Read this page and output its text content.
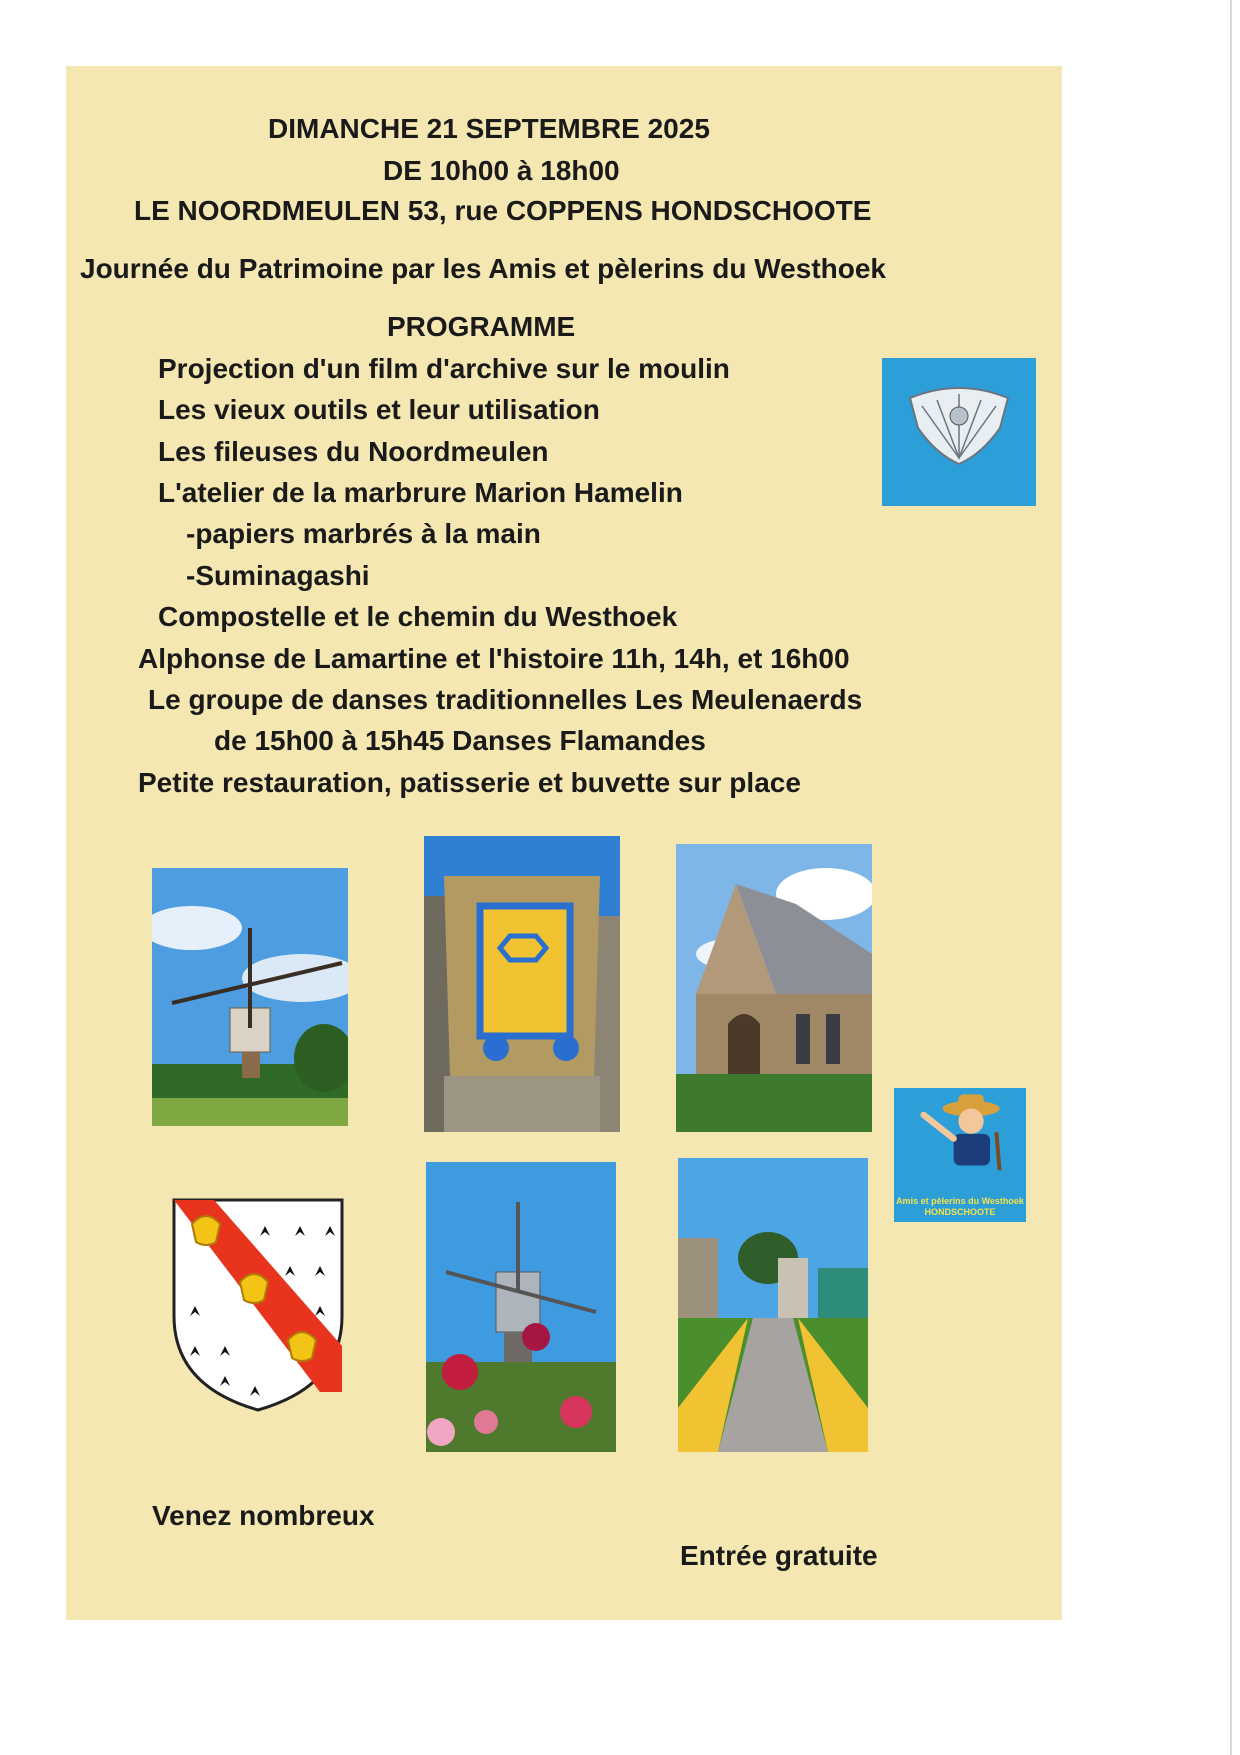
DIMANCHE 21 SEPTEMBRE 2025

DE 10h00 à 18h00

LE NOORDMEULEN 53, rue COPPENS HONDSCHOOTE

Journée du Patrimoine par les Amis et pèlerins du Westhoek

PROGRAMME

Projection d'un film d'archive sur le moulin

Les vieux outils et leur utilisation

Les fileuses du Noordmeulen

L'atelier de la marbrure Marion Hamelin

-papiers marbrés à la main

-Suminagashi

Compostelle et le chemin du Westhoek

Alphonse de Lamartine et l'histoire 11h, 14h, et 16h00

Le groupe de danses traditionnelles Les Meulenaerds

de 15h00 à 15h45 Danses Flamandes

Petite restauration, patisserie et buvette sur place

Amis et pèlerins du Westhoek
HONDSCHOOTE

Venez nombreux

Entrée gratuite
